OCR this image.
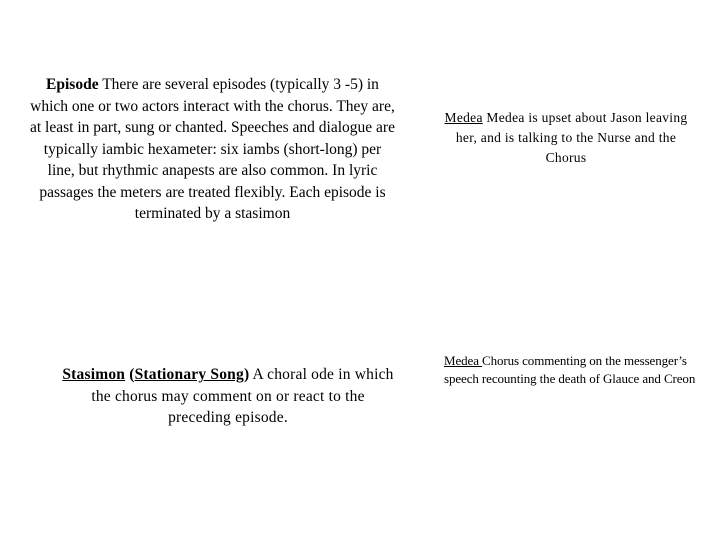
Episode There are several episodes (typically 3 -5) in which one or two actors interact with the chorus. They are, at least in part, sung or chanted. Speeches and dialogue are typically iambic hexameter: six iambs (short-long) per line, but rhythmic anapests are also common. In lyric passages the meters are treated flexibly. Each episode is terminated by a stasimon
Stasimon (Stationary Song) A choral ode in which the chorus may comment on or react to the preceding episode.
Medea Medea is upset about Jason leaving her, and is talking to the Nurse and the Chorus
Medea Chorus commenting on the messenger’s speech recounting the death of Glauce and Creon
